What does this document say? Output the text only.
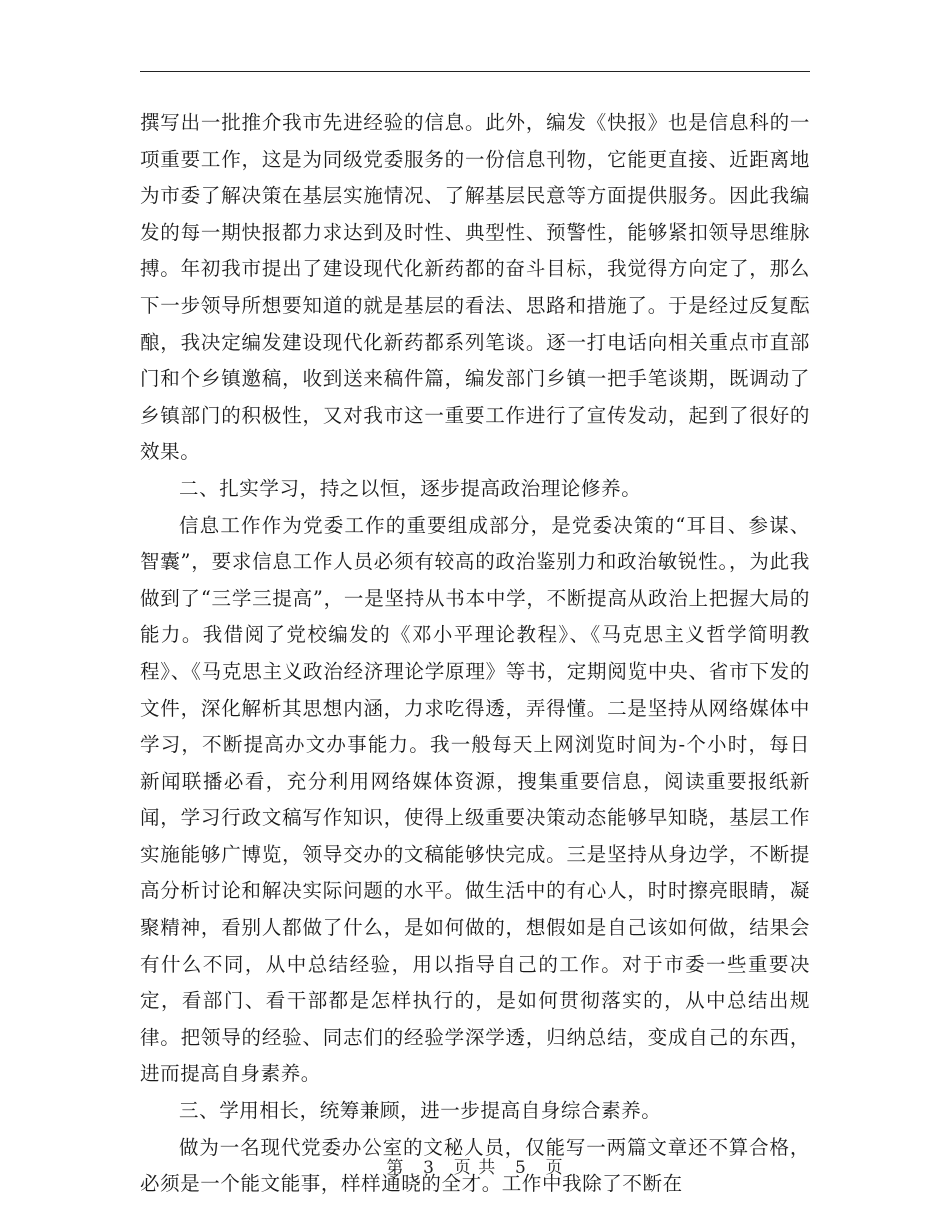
撰写出一批推介我市先进经验的信息。此外，编发《快报》也是信息科的一项重要工作，这是为同级党委服务的一份信息刊物，它能更直接、近距离地为市委了解决策在基层实施情况、了解基层民意等方面提供服务。因此我编发的每一期快报都力求达到及时性、典型性、预警性，能够紧扣领导思维脉搏。年初我市提出了建设现代化新药都的奋斗目标，我觉得方向定了，那么下一步领导所想要知道的就是基层的看法、思路和措施了。于是经过反复酝酿，我决定编发建设现代化新药都系列笔谈。逐一打电话向相关重点市直部门和个乡镇邀稿，收到送来稿件篇，编发部门乡镇一把手笔谈期，既调动了乡镇部门的积极性，又对我市这一重要工作进行了宣传发动，起到了很好的效果。

二、扎实学习，持之以恒，逐步提高政治理论修养。

信息工作作为党委工作的重要组成部分，是党委决策的“耳目、参谋、智囊”，要求信息工作人员必须有较高的政治鉴别力和政治敏锐性。，为此我做到了“三学三提高”，一是坚持从书本中学，不断提高从政治上把握大局的能力。我借阅了党校编发的《邓小平理论教程》、《马克思主义哲学简明教程》、《马克思主义政治经济理论学原理》等书，定期阅览中央、省市下发的文件，深化解析其思想内涵，力求吃得透，弄得懂。二是坚持从网络媒体中学习，不断提高办文办事能力。我一般每天上网浏览时间为-个小时，每日新闻联播必看，充分利用网络媒体资源，搜集重要信息，阅读重要报纸新闻，学习行政文稿写作知识，使得上级重要决策动态能够早知晓，基层工作实施能够广博览，领导交办的文稿能够快完成。三是坚持从身边学，不断提高分析讨论和解决实际问题的水平。做生活中的有心人，时时擦亮眼睛，凝聚精神，看别人都做了什么，是如何做的，想假如是自己该如何做，结果会有什么不同，从中总结经验，用以指导自己的工作。对于市委一些重要决定，看部门、看干部都是怎样执行的，是如何贯彻落实的，从中总结出规律。把领导的经验、同志们的经验学深学透，归纳总结，变成自己的东西，进而提高自身素养。

三、学用相长，统筹兼顾，进一步提高自身综合素养。

做为一名现代党委办公室的文秘人员，仅能写一两篇文章还不算合格，必须是一个能文能事，样样通晓的全才。工作中我除了不断在

第 3 页 共 5 页
